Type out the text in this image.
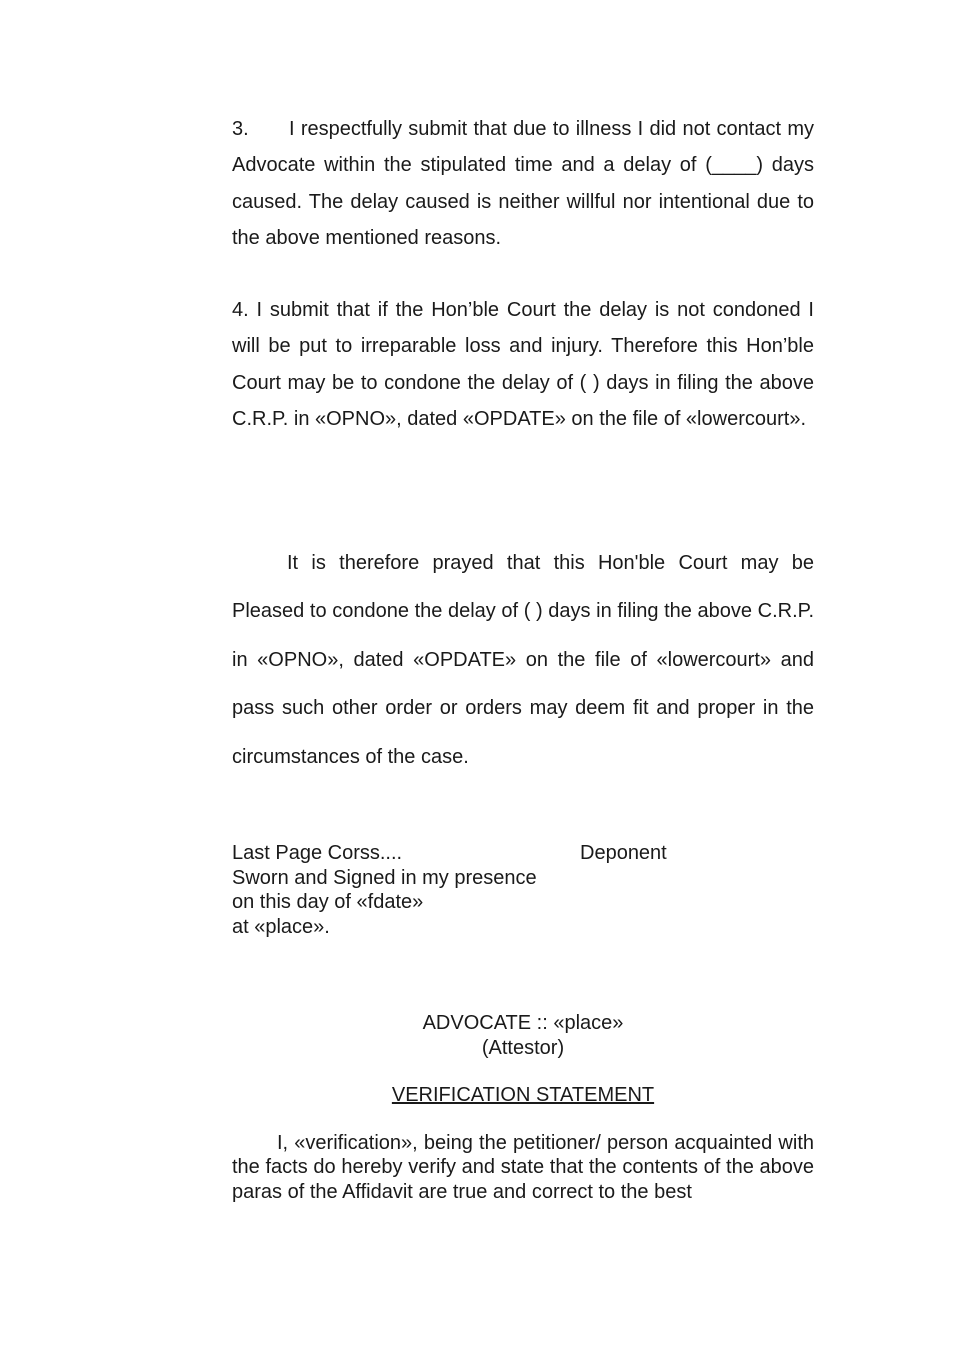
3. I respectfully submit that due to illness I did not contact my Advocate within the stipulated time and a delay of (____) days caused. The delay caused is neither willful nor intentional due to the above mentioned reasons.

4. I submit that if the Hon’ble Court the delay is not condoned I will be put to irreparable loss and injury. Therefore this Hon’ble Court may be to condone the delay of ( ) days in filing the above C.R.P. in «OPNO», dated «OPDATE» on the file of «lowercourt».

It is therefore prayed that this Hon'ble Court may be Pleased to condone the delay of ( ) days in filing the above C.R.P. in «OPNO», dated «OPDATE» on the file of «lowercourt» and pass such other order or orders may deem fit and proper in the circumstances of the case.

Last Page Corss....
Sworn and Signed in my presence
on this day of «fdate»
at «place».
Deponent
ADVOCATE :: «place»
(Attestor)
VERIFICATION STATEMENT

I, «verification», being the petitioner/ person acquainted with the facts do hereby verify and state that the contents of the above paras of the Affidavit are true and correct to the best
